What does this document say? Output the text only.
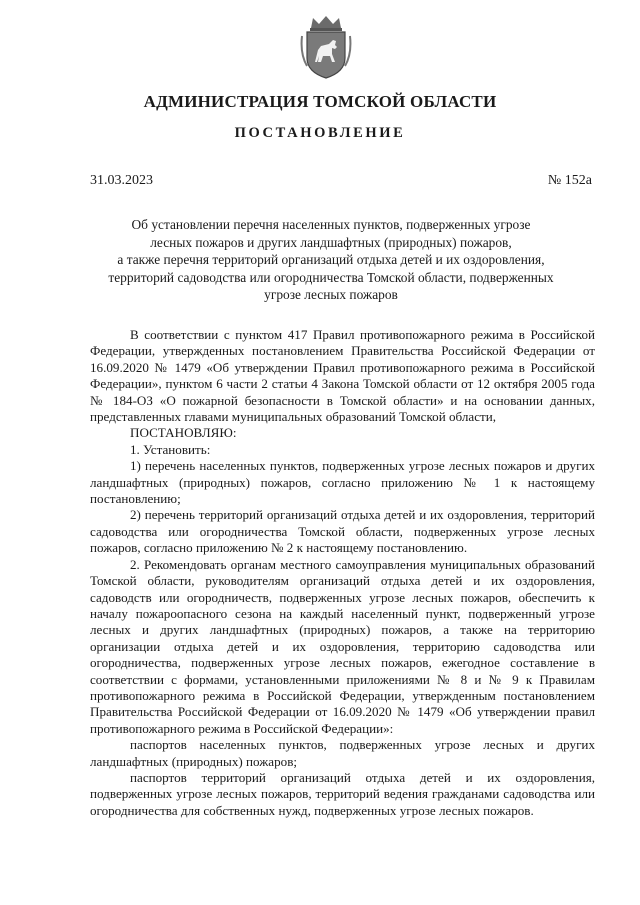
АДМИНИСТРАЦИЯ ТОМСКОЙ ОБЛАСТИ
ПОСТАНОВЛЕНИЕ
31.03.2023	№ 152а
Об установлении перечня населенных пунктов, подверженных угрозе
лесных пожаров и других ландшафтных (природных) пожаров,
а также перечня территорий организаций отдыха детей и их оздоровления,
территорий садоводства или огородничества Томской области, подверженных
угрозе лесных пожаров

В соответствии с пунктом 417 Правил противопожарного режима в Российской Федерации, утвержденных постановлением Правительства Российской Федерации от 16.09.2020 № 1479 «Об утверждении Правил противопожарного режима в Российской Федерации», пунктом 6 части 2 статьи 4 Закона Томской области от 12 октября 2005 года № 184-ОЗ «О пожарной безопасности в Томской области» и на основании данных, представленных главами муниципальных образований Томской области,

ПОСТАНОВЛЯЮ:

1. Установить:

1) перечень населенных пунктов, подверженных угрозе лесных пожаров и других ландшафтных (природных) пожаров, согласно приложению № 1 к настоящему постановлению;

2) перечень территорий организаций отдыха детей и их оздоровления, территорий садоводства или огородничества Томской области, подверженных угрозе лесных пожаров, согласно приложению № 2 к настоящему постановлению.

2. Рекомендовать органам местного самоуправления муниципальных образований Томской области, руководителям организаций отдыха детей и их оздоровления, садоводств или огородничеств, подверженных угрозе лесных пожаров, обеспечить к началу пожароопасного сезона на каждый населенный пункт, подверженный угрозе лесных и других ландшафтных (природных) пожаров, а также на территорию организации отдыха детей и их оздоровления, территорию садоводства или огородничества, подверженных угрозе лесных пожаров, ежегодное составление в соответствии с формами, установленными приложениями № 8 и № 9 к Правилам противопожарного режима в Российской Федерации, утвержденным постановлением Правительства Российской Федерации от 16.09.2020 № 1479 «Об утверждении правил противопожарного режима в Российской Федерации»:

паспортов населенных пунктов, подверженных угрозе лесных и других ландшафтных (природных) пожаров;

паспортов территорий организаций отдыха детей и их оздоровления, подверженных угрозе лесных пожаров, территорий ведения гражданами садоводства или огородничества для собственных нужд, подверженных угрозе лесных пожаров.
